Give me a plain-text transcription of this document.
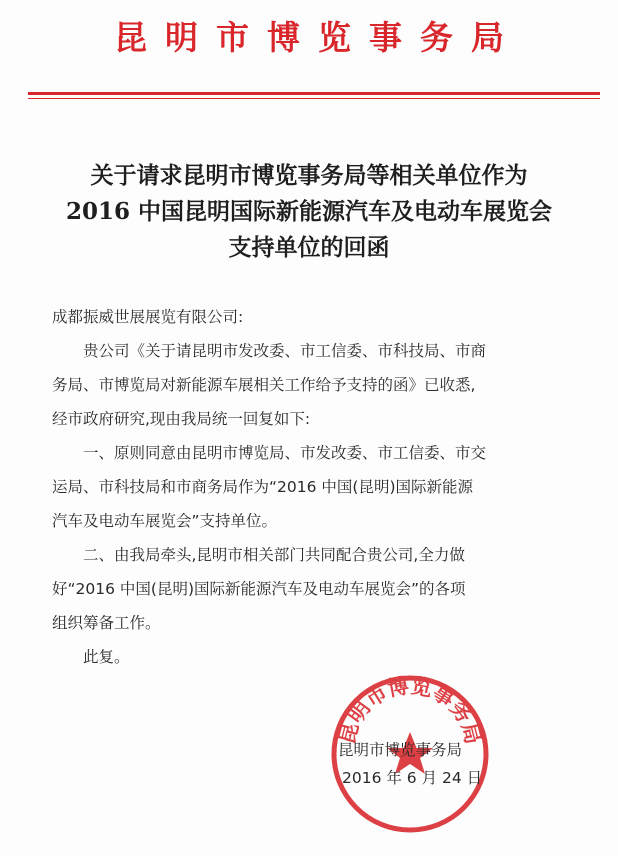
昆明市博览事务局
关于请求昆明市博览事务局等相关单位作为
2016 中国昆明国际新能源汽车及电动车展览会
支持单位的回函

成都振威世展展览有限公司:

贵公司《关于请昆明市发改委、市工信委、市科技局、市商
务局、市博览局对新能源车展相关工作给予支持的函》已收悉,
经市政府研究,现由我局统一回复如下:

一、原则同意由昆明市博览局、市发改委、市工信委、市交
运局、市科技局和市商务局作为“2016 中国(昆明)国际新能源
汽车及电动车展览会”支持单位。

二、由我局牵头,昆明市相关部门共同配合贵公司,全力做
好“2016 中国(昆明)国际新能源汽车及电动车展览会”的各项
组织筹备工作。

此复。

昆明市博览事务局
昆明市博览事务局
2016 年 6 月 24 日
